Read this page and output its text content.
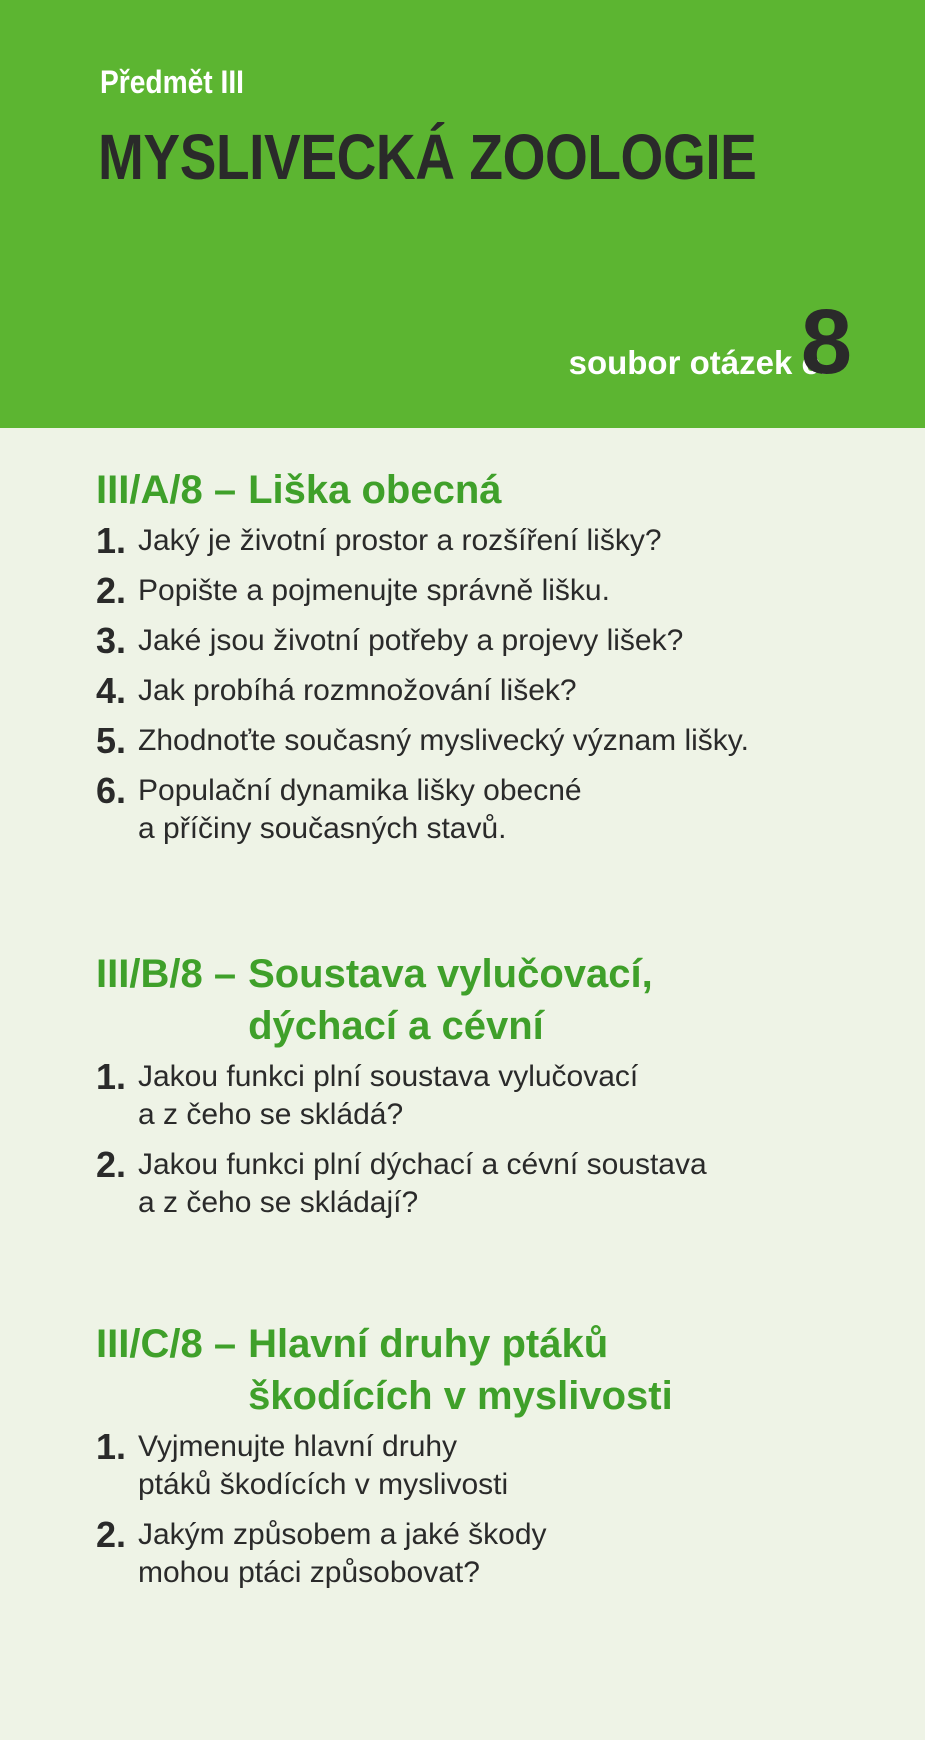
Předmět III
MYSLIVECKÁ ZOOLOGIE
soubor otázek č.
8
III/A/8 – Liška obecná
1. Jaký je životní prostor a rozšíření lišky?
2. Popište a pojmenujte správně lišku.
3. Jaké jsou životní potřeby a projevy lišek?
4. Jak probíhá rozmnožování lišek?
5. Zhodnoťte současný myslivecký význam lišky.
6. Populační dynamika lišky obecné
a příčiny současných stavů.
III/B/8 – Soustava vylučovací,
dýchací a cévní
1. Jakou funkci plní soustava vylučovací
a z čeho se skládá?
2. Jakou funkci plní dýchací a cévní soustava
a z čeho se skládají?
III/C/8 – Hlavní druhy ptáků
škodících v myslivosti
1. Vyjmenujte hlavní druhy
ptáků škodících v myslivosti
2. Jakým způsobem a jaké škody
mohou ptáci způsobovat?
